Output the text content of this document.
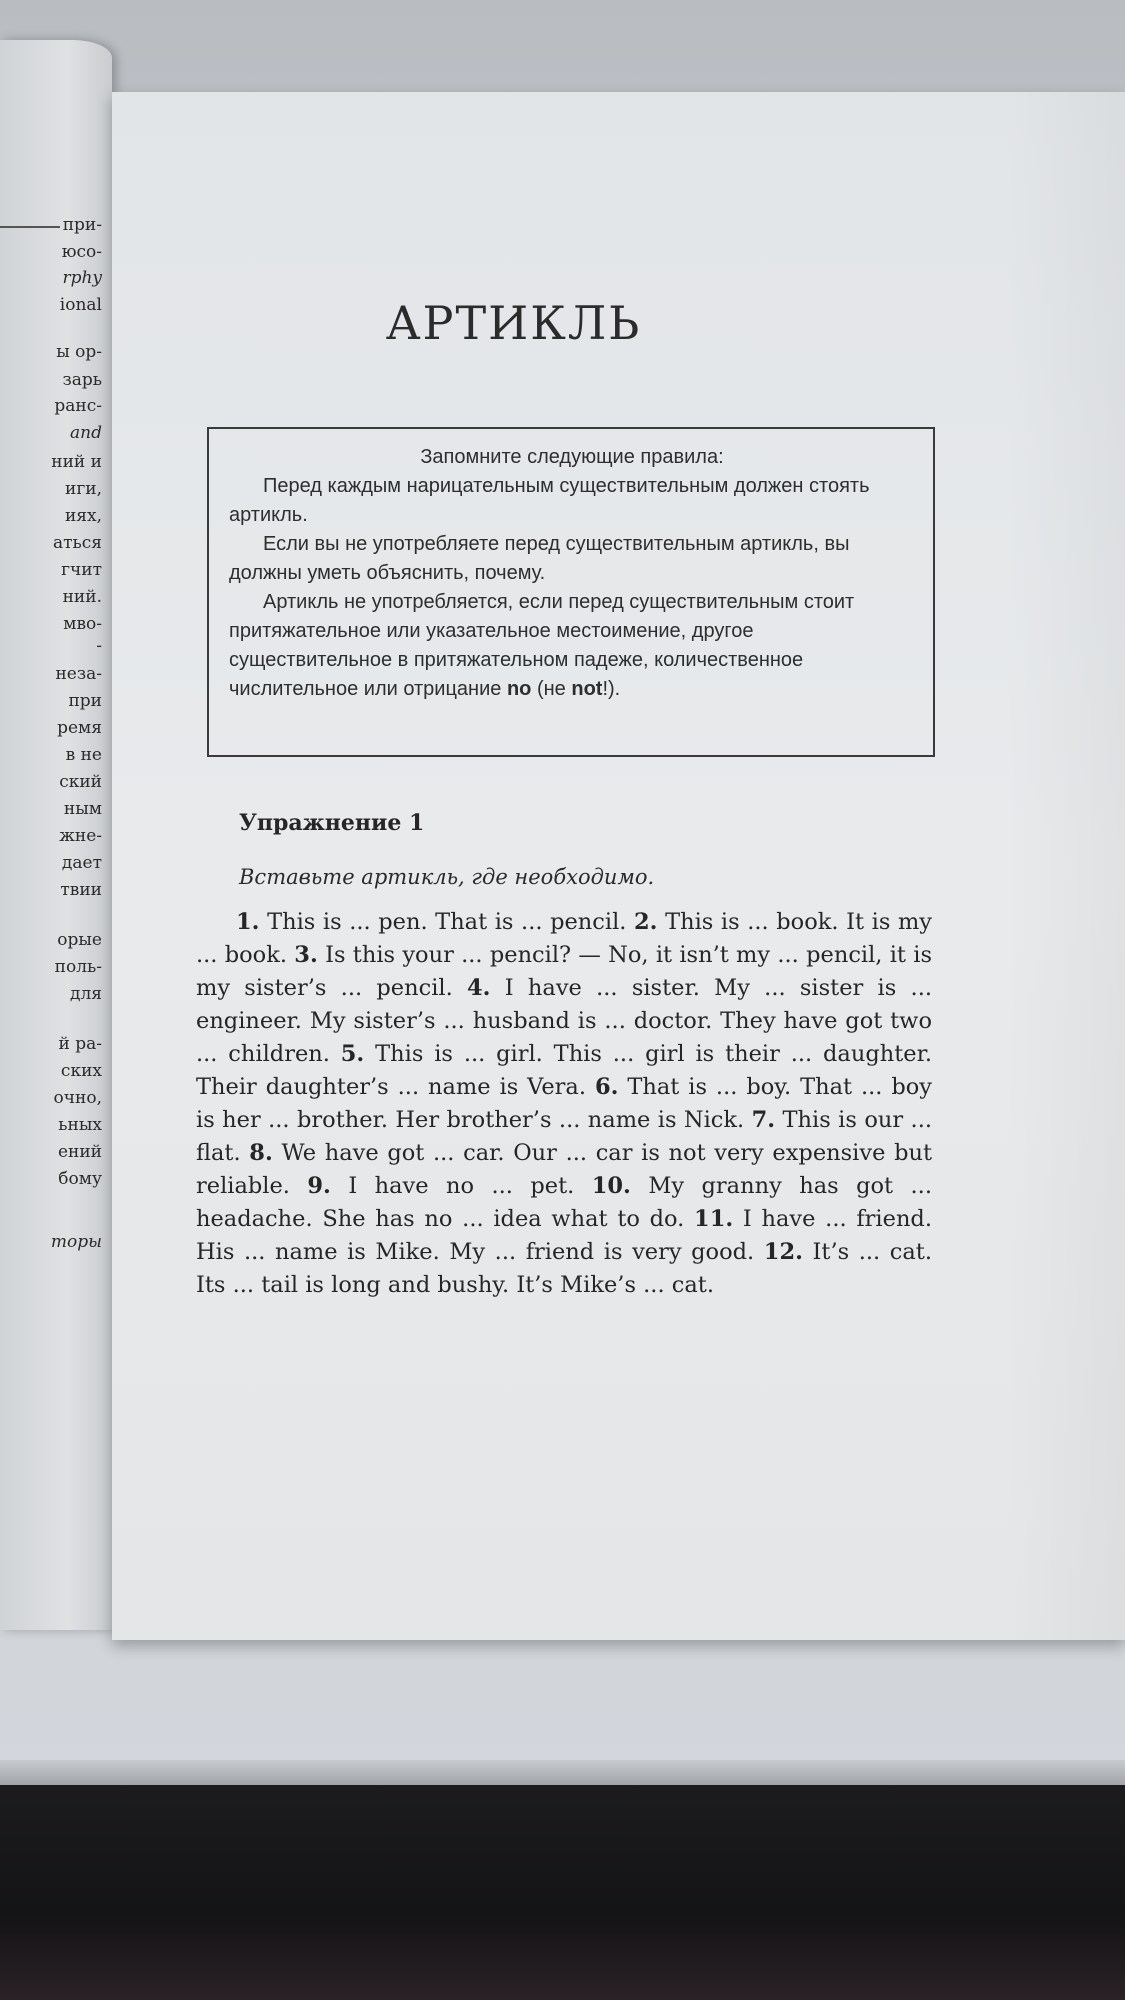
при-
юсо-
rphy
ional
ы ор-
зарь
ранс-
and
ний и
иги,
иях,
аться
гчит
ний.
мво-
-
неза-
при
ремя
в не
ский
ным
жне-
дает
твии
орые
поль-
для
й ра-
ских
очно,
ьных
ений
бому
торы
АРТИКЛЬ
Запомните следующие правила:

Перед каждым нарицательным существительным должен стоять артикль.

Если вы не употребляете перед существительным артикль, вы должны уметь объяснить, почему.

Артикль не употребляется, если перед существительным стоит притяжательное или указательное местоимение, другое существительное в притяжательном падеже, количественное числительное или отрицание no (не not!).

Упражнение 1

Вставьте артикль, где необходимо.

1. This is ... pen. That is ... pencil. 2. This is ... book. It is my ... book. 3. Is this your ... pencil? — No, it isn’t my ... pencil, it is my sister’s ... pencil. 4. I have ... sister. My ... sister is ... engineer. My sister’s ... husband is ... doctor. They have got two ... children. 5. This is ... girl. This ... girl is their ... daughter. Their daughter’s ... name is Vera. 6. That is ... boy. That ... boy is her ... brother. Her brother’s ... name is Nick. 7. This is our ... flat. 8. We have got ... car. Our ... car is not very expensive but reliable. 9. I have no ... pet. 10. My granny has got ... headache. She has no ... idea what to do. 11. I have ... friend. His ... name is Mike. My ... friend is very good. 12. It’s ... cat. Its ... tail is long and bushy. It’s Mike’s ... cat.
